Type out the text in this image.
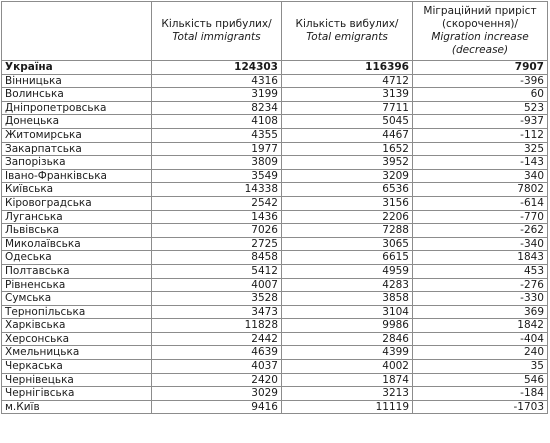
	Кількість прибулих/
Total immigrants	Кількість вибулих/
Total emigrants	Міграційний приріст (скорочення)/
Migration increase (decrease)

Україна	124303	116396	7907
Вінницька	4316	4712	-396
Волинська	3199	3139	60
Дніпропетровська	8234	7711	523
Донецька	4108	5045	-937
Житомирська	4355	4467	-112
Закарпатська	1977	1652	325
Запорізька	3809	3952	-143
Івано-Франківська	3549	3209	340
Київська	14338	6536	7802
Кіровоградська	2542	3156	-614
Луганська	1436	2206	-770
Львівська	7026	7288	-262
Миколаївська	2725	3065	-340
Одеська	8458	6615	1843
Полтавська	5412	4959	453
Рівненська	4007	4283	-276
Сумська	3528	3858	-330
Тернопільська	3473	3104	369
Харківська	11828	9986	1842
Херсонська	2442	2846	-404
Хмельницька	4639	4399	240
Черкаська	4037	4002	35
Чернівецька	2420	1874	546
Чернігівська	3029	3213	-184
м.Київ	9416	11119	-1703
